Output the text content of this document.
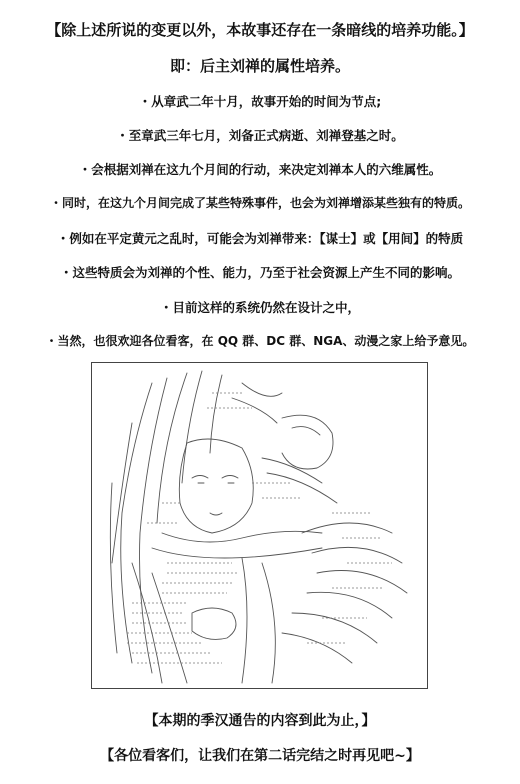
【除上述所说的变更以外，本故事还存在一条暗线的培养功能。】

即：后主刘禅的属性培养。

・从章武二年十月，故事开始的时间为节点;

・至章武三年七月，刘备正式病逝、刘禅登基之时。

・会根据刘禅在这九个月间的行动，来决定刘禅本人的六维属性。

・同时，在这九个月间完成了某些特殊事件，也会为刘禅增添某些独有的特质。

・例如在平定黄元之乱时，可能会为刘禅带来：【谋士】或【用间】的特质

・这些特质会为刘禅的个性、能力，乃至于社会资源上产生不同的影响。

・目前这样的系统仍然在设计之中，

・当然，也很欢迎各位看客，在 QQ 群、DC 群、NGA、动漫之家上给予意见。

【本期的季汉通告的内容到此为止，】

【各位看客们，让我们在第二话完结之时再见吧~】
